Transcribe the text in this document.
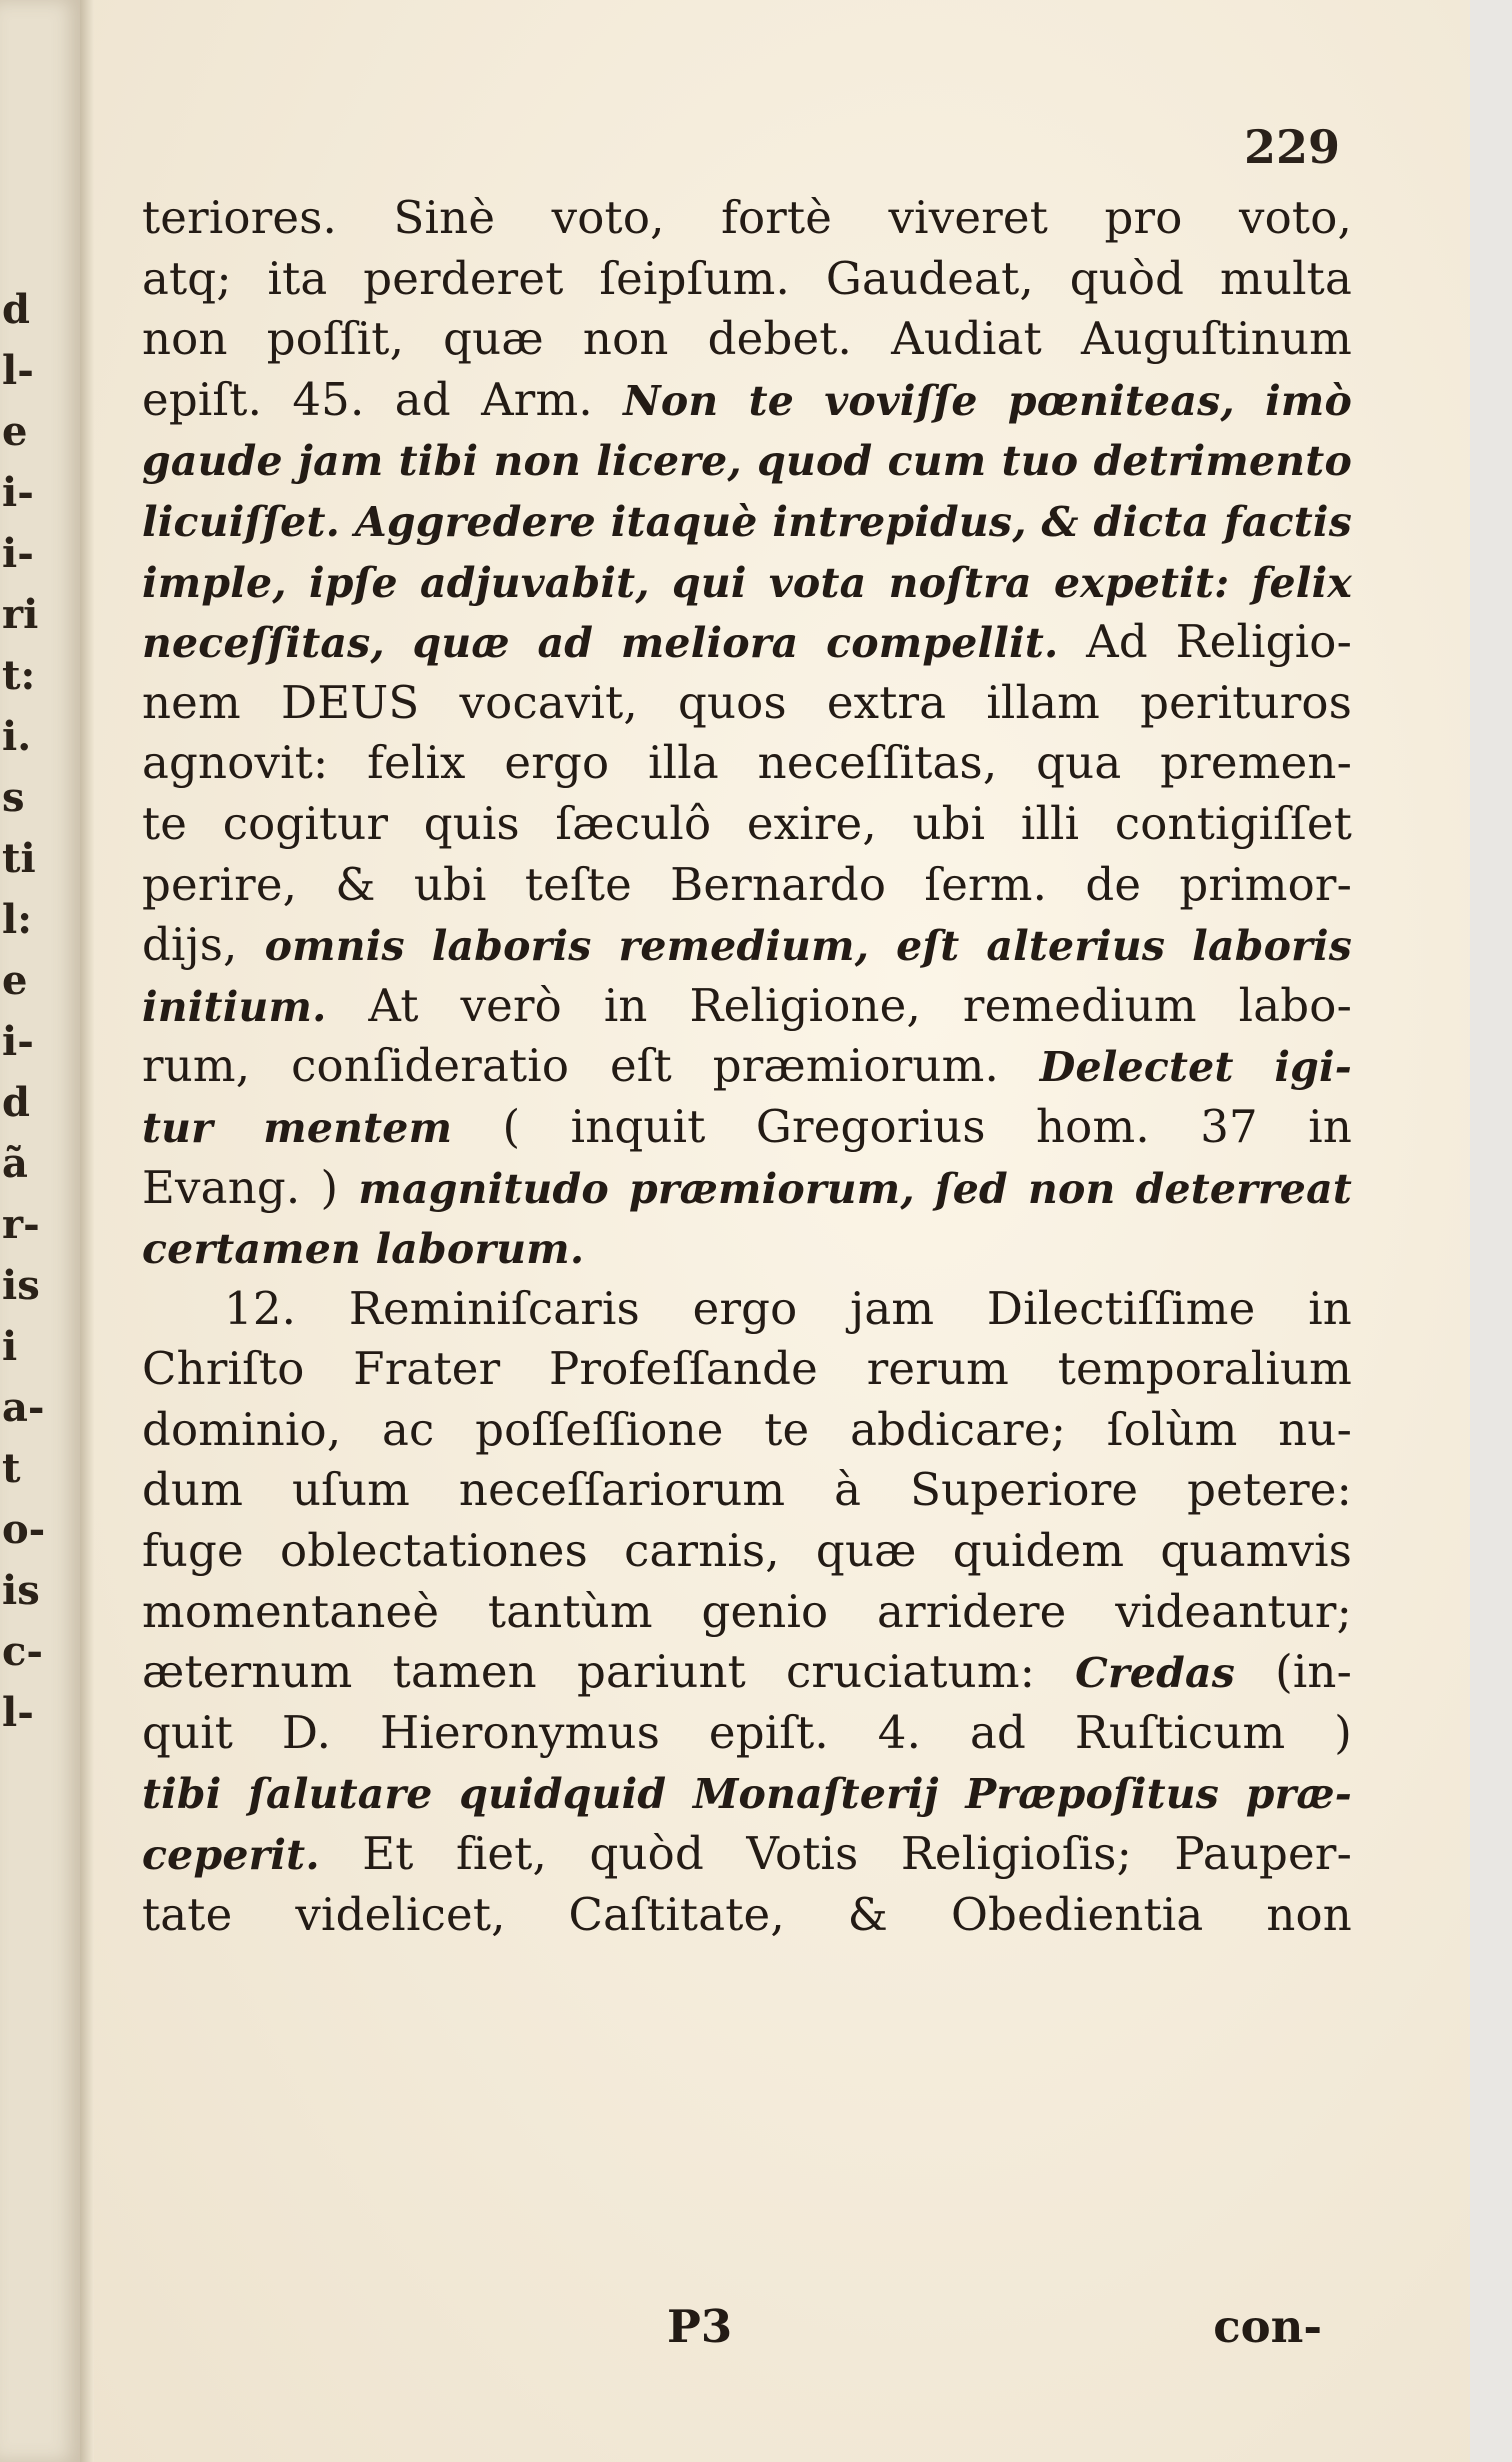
d
l-
e
i-
i-
ri
t:
i.
s
ti
l:
e
i-
d
ã
r-
is
i
a-
t
o-
is
c-
l-
229
teriores. Sinè voto, fortè viveret pro voto,
atq; ita perderet ſeipſum. Gaudeat, quòd multa
non poſſit, quæ non debet. Audiat Auguſtinum
epiſt. 45. ad Arm. Non te voviſſe pœniteas, imò
gaude jam tibi non licere, quod cum tuo detrimento
licuiſſet. Aggredere itaquè intrepidus, & dicta factis
imple, ipſe adjuvabit, qui vota noſtra expetit: felix
neceſſitas, quæ ad meliora compellit. Ad Religio-
nem DEUS vocavit, quos extra illam perituros
agnovit: felix ergo illa neceſſitas, qua premen-
te cogitur quis ſæculô exire, ubi illi contigiſſet
perire, & ubi teſte Bernardo ſerm. de primor-
dijs, omnis laboris remedium, eſt alterius laboris
initium. At verò in Religione, remedium labo-
rum, conſideratio eſt præmiorum. Delectet igi-
tur mentem ( inquit Gregorius hom. 37 in
Evang. ) magnitudo præmiorum, ſed non deterreat
certamen laborum.
12. Reminiſcaris ergo jam Dilectiſſime in
Chriſto Frater Profeſſande rerum temporalium
dominio, ac poſſeſſione te abdicare; ſolùm nu-
dum uſum neceſſariorum à Superiore petere:
fuge oblectationes carnis, quæ quidem quamvis
momentaneè tantùm genio arridere videantur;
æternum tamen pariunt cruciatum: Credas (in-
quit D. Hieronymus epiſt. 4. ad Ruſticum )
tibi ſalutare quidquid Monaſterij Præpoſitus præ-
ceperit. Et fiet, quòd Votis Religioſis; Pauper-
tate videlicet, Caſtitate, & Obedientia non
P3	con-
